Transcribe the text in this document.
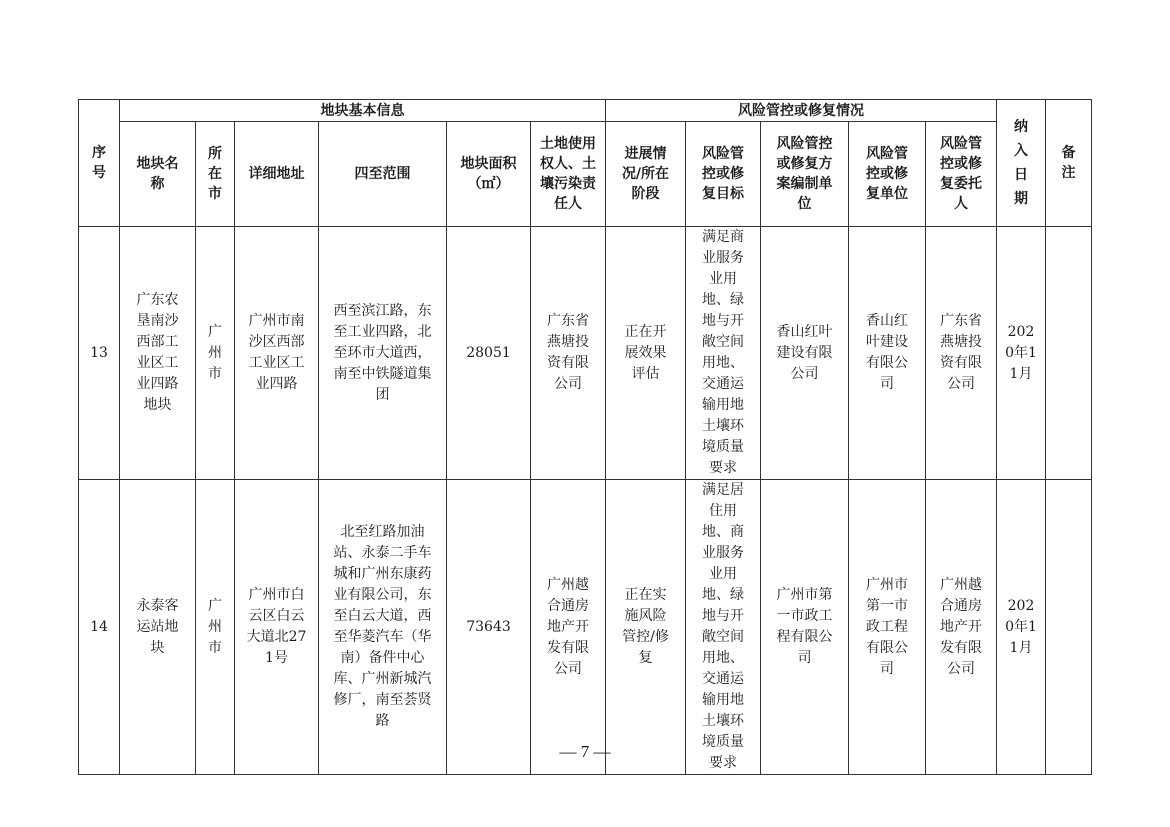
序号	地块基本信息						风险管控或修复情况					纳入日期	备注
	地块名称	所在市	详细地址	四至范围	地块面积（㎡）	土地使用权人、土壤污染责任人	进展情况/所在阶段	风险管控或修复目标	风险管控或修复方案编制单位	风险管控或修复单位	风险管控或修复委托人		
13	广东农垦南沙西部工业区工业四路地块	广州市	广州市南沙区西部工业区工业四路	西至滨江路，东至工业四路，北至环市大道西，南至中铁隧道集团	28051	广东省燕塘投资有限公司	正在开展效果评估	满足商业服务业用地、绿地与开敞空间用地、交通运输用地土壤环境质量要求	香山红叶建设有限公司	香山红叶建设有限公司	广东省燕塘投资有限公司	2020年11月	
14	永泰客运站地块	广州市	广州市白云区白云大道北271号	北至红路加油站、永泰二手车城和广州东康药业有限公司，东至白云大道，西至华菱汽车（华南）备件中心库、广州新城汽修厂，南至荟贤路	73643	广州越合通房地产开发有限公司	正在实施风险管控/修复	满足居住用地、商业服务业用地、绿地与开敞空间用地、交通运输用地土壤环境质量要求	广州市第一市政工程有限公司	广州市第一市政工程有限公司	广州越合通房地产开发有限公司	2020年11月	
— 7 —
